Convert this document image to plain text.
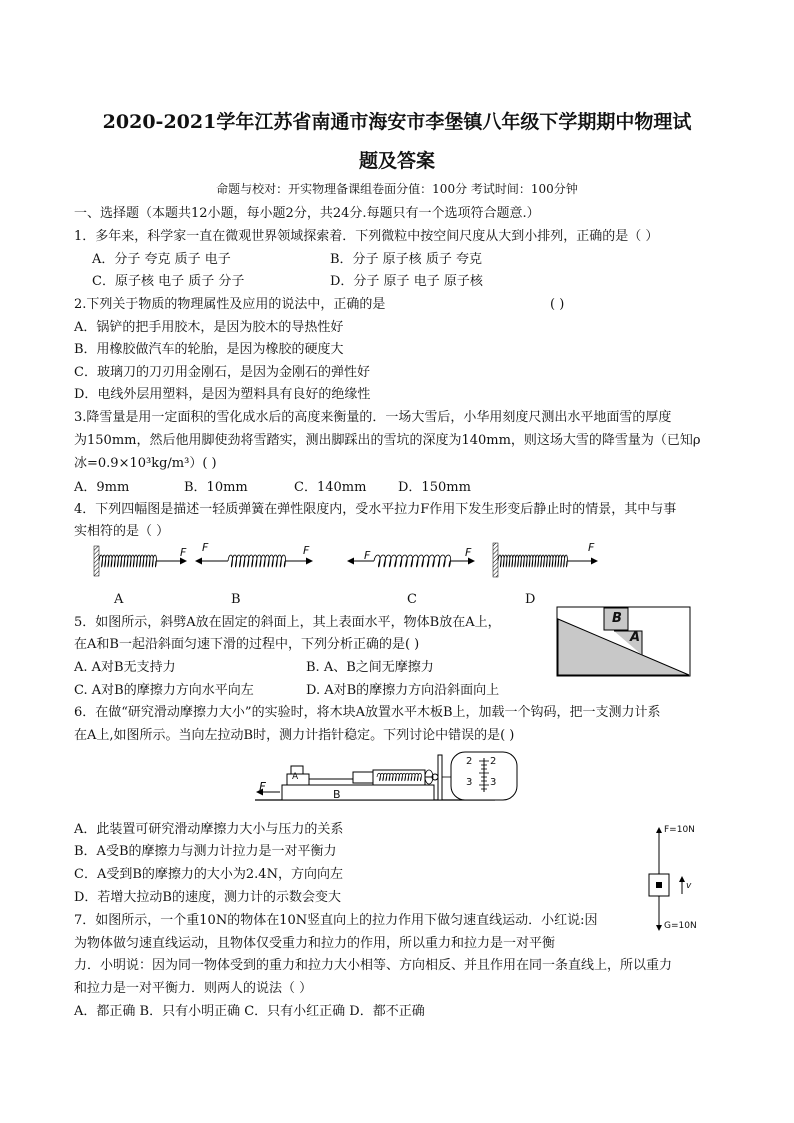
2020-2021学年江苏省南通市海安市李堡镇八年级下学期期中物理试
题及答案
命题与校对：开实物理备课组卷面分值：100分 考试时间：100分钟
一、选择题（本题共12小题，每小题2分，共24分.每题只有一个选项符合题意.）
1．多年来，科学家一直在微观世界领域探索着．下列微粒中按空间尺度从大到小排列，正确的是（ ）
A．分子 夸克 质子 电子	B．分子 原子核 质子 夸克
C．原子核 电子 质子 分子	D．分子 原子 电子 原子核
2.下列关于物质的物理属性及应用的说法中，正确的是	( )
A．锅铲的把手用胶木，是因为胶木的导热性好
B．用橡胶做汽车的轮胎，是因为橡胶的硬度大
C．玻璃刀的刀刃用金刚石，是因为金刚石的弹性好
D．电线外层用塑料，是因为塑料具有良好的绝缘性
3.降雪量是用一定面积的雪化成水后的高度来衡量的．一场大雪后，小华用刻度尺测出水平地面雪的厚度
为150mm，然后他用脚使劲将雪踏实，测出脚踩出的雪坑的深度为140mm，则这场大雪的降雪量为（已知ρ
冰=0.9×10³kg/m³）( )
A．9mm	B．10mm	C．140mm D．150mm
4．下列四幅图是描述一轻质弹簧在弹性限度内，受水平拉力F作用下发生形变后静止时的情景，其中与事
实相符的是（ ）
F F	F	F	F	F
A	B	C	D
5．如图所示，斜劈A放在固定的斜面上，其上表面水平，物体B放在A上，
在A和B一起沿斜面匀速下滑的过程中，下列分析正确的是( )
A. A对B无支持力	B. A、B之间无摩擦力
C. A对B的摩擦力方向水平向左	D. A对B的摩擦力方向沿斜面向上
B
A
6．在做“研究滑动摩擦力大小”的实验时，将木块A放置水平木板B上，加载一个钩码，把一支测力计系
在A上,如图所示。当向左拉动B时，测力计指针稳定。下列讨论中错误的是( )
F
A
B
2
3
2
3
A．此装置可研究滑动摩擦力大小与压力的关系
B．A受B的摩擦力与测力计拉力是一对平衡力
C．A受到B的摩擦力的大小为2.4N，方向向左
D．若增大拉动B的速度，测力计的示数会变大
F=10N
G=10N
v
7．如图所示，一个重10N的物体在10N竖直向上的拉力作用下做匀速直线运动．小红说:因
为物体做匀速直线运动，且物体仅受重力和拉力的作用，所以重力和拉力是一对平衡
力．小明说：因为同一物体受到的重力和拉力大小相等、方向相反、并且作用在同一条直线上，所以重力
和拉力是一对平衡力．则两人的说法（ ）
A．都正确 B．只有小明正确 C．只有小红正确 D．都不正确
